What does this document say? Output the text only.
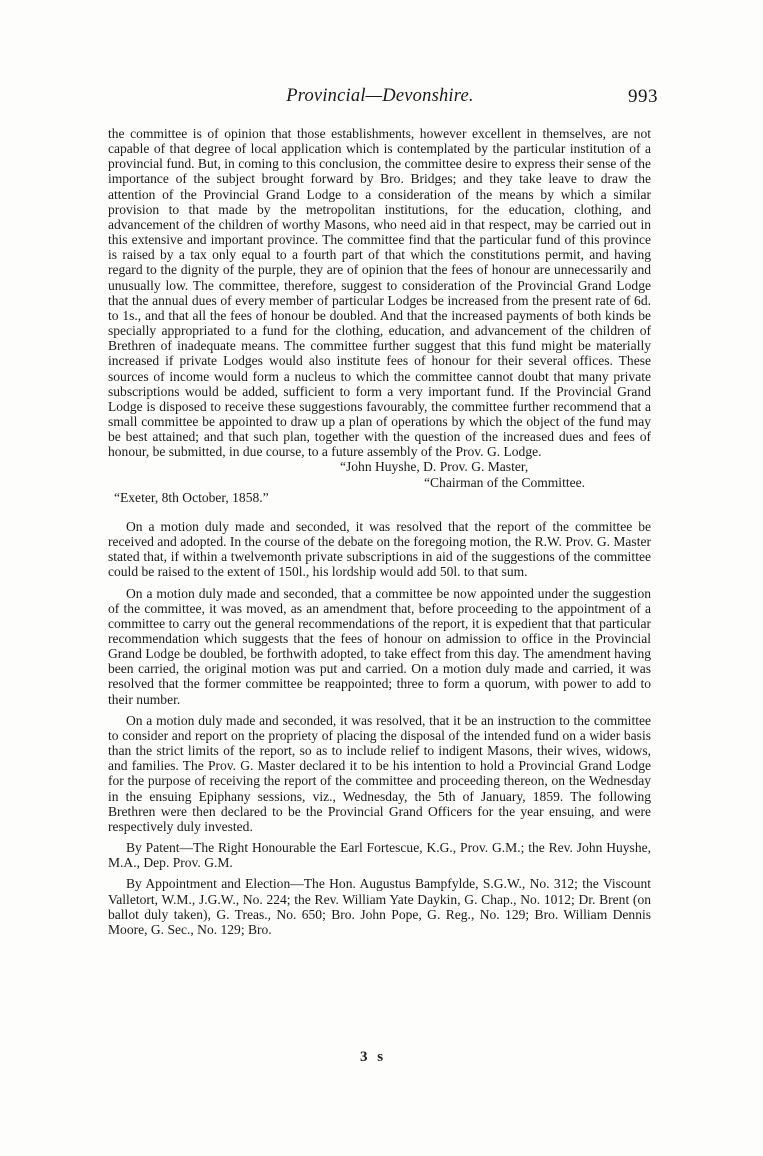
Provincial—Devonshire.	993

the committee is of opinion that those establishments, however excellent in themselves, are not capable of that degree of local application which is contemplated by the particular institution of a provincial fund. But, in coming to this conclusion, the committee desire to express their sense of the importance of the subject brought forward by Bro. Bridges; and they take leave to draw the attention of the Provincial Grand Lodge to a consideration of the means by which a similar provision to that made by the metropolitan institutions, for the education, clothing, and advancement of the children of worthy Masons, who need aid in that respect, may be carried out in this extensive and important province. The committee find that the particular fund of this province is raised by a tax only equal to a fourth part of that which the constitutions permit, and having regard to the dignity of the purple, they are of opinion that the fees of honour are unnecessarily and unusually low. The committee, therefore, suggest to consideration of the Provincial Grand Lodge that the annual dues of every member of particular Lodges be increased from the present rate of 6d. to 1s., and that all the fees of honour be doubled. And that the increased payments of both kinds be specially appropriated to a fund for the clothing, education, and advancement of the children of Brethren of inadequate means. The committee further suggest that this fund might be materially increased if private Lodges would also institute fees of honour for their several offices. These sources of income would form a nucleus to which the committee cannot doubt that many private subscriptions would be added, sufficient to form a very important fund. If the Provincial Grand Lodge is disposed to receive these suggestions favourably, the committee further recommend that a small committee be appointed to draw up a plan of operations by which the object of the fund may be best attained; and that such plan, together with the question of the increased dues and fees of honour, be submitted, in due course, to a future assembly of the Prov. G. Lodge.

“John Huyshe, D. Prov. G. Master,
“Chairman of the Committee.
“Exeter, 8th October, 1858.”

On a motion duly made and seconded, it was resolved that the report of the committee be received and adopted. In the course of the debate on the foregoing motion, the R.W. Prov. G. Master stated that, if within a twelvemonth private subscriptions in aid of the suggestions of the committee could be raised to the extent of 150l., his lordship would add 50l. to that sum.

On a motion duly made and seconded, that a committee be now appointed under the suggestion of the committee, it was moved, as an amendment that, before proceeding to the appointment of a committee to carry out the general recommendations of the report, it is expedient that that particular recommendation which suggests that the fees of honour on admission to office in the Provincial Grand Lodge be doubled, be forthwith adopted, to take effect from this day. The amendment having been carried, the original motion was put and carried. On a motion duly made and carried, it was resolved that the former committee be reappointed; three to form a quorum, with power to add to their number.

On a motion duly made and seconded, it was resolved, that it be an instruction to the committee to consider and report on the propriety of placing the disposal of the intended fund on a wider basis than the strict limits of the report, so as to include relief to indigent Masons, their wives, widows, and families. The Prov. G. Master declared it to be his intention to hold a Provincial Grand Lodge for the purpose of receiving the report of the committee and proceeding thereon, on the Wednesday in the ensuing Epiphany sessions, viz., Wednesday, the 5th of January, 1859. The following Brethren were then declared to be the Provincial Grand Officers for the year ensuing, and were respectively duly invested.

By Patent—The Right Honourable the Earl Fortescue, K.G., Prov. G.M.; the Rev. John Huyshe, M.A., Dep. Prov. G.M.

By Appointment and Election—The Hon. Augustus Bampfylde, S.G.W., No. 312; the Viscount Valletort, W.M., J.G.W., No. 224; the Rev. William Yate Daykin, G. Chap., No. 1012; Dr. Brent (on ballot duly taken), G. Treas., No. 650; Bro. John Pope, G. Reg., No. 129; Bro. William Dennis Moore, G. Sec., No. 129; Bro.

3 s
